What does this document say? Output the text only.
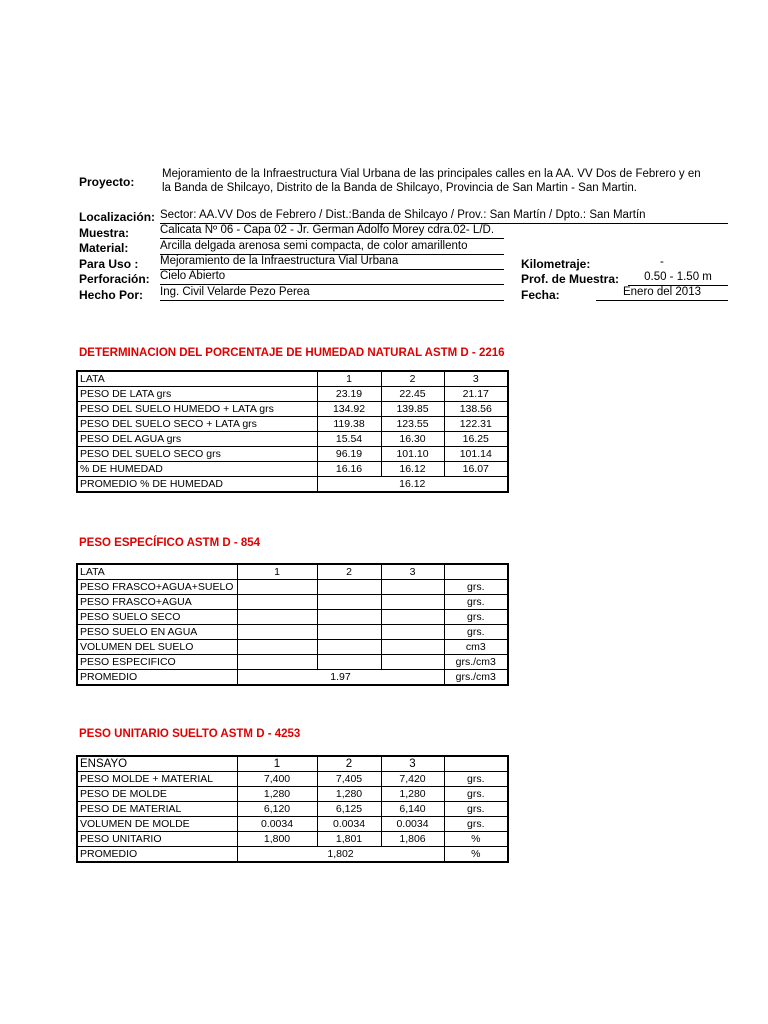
Proyecto:
Mejoramiento de la Infraestructura Vial Urbana de las principales calles en la AA. VV Dos de Febrero y en
la Banda de Shilcayo, Distrito de la Banda de Shilcayo, Provincia de San Martin - San Martin.
Localización: Sector: AA.VV Dos de Febrero / Dist.:Banda de Shilcayo / Prov.: San Martín / Dpto.: San Martín
Muestra:	Calicata Nº 06 - Capa 02 - Jr. German Adolfo Morey cdra.02- L/D.
Material:	Arcilla delgada arenosa semi compacta, de color amarillento
Para Uso : Mejoramiento de la Infraestructura Vial Urbana	Kilometraje:	-
Perforación: Cielo Abierto	Prof. de Muestra:	0.50 - 1.50 m
Hecho Por: Ing. Civil Velarde Pezo Perea	Fecha:	Enero del 2013
DETERMINACION DEL PORCENTAJE DE HUMEDAD NATURAL ASTM D - 2216
LATA	1	2	3
PESO DE LATA grs	23.19	22.45	21.17
PESO DEL SUELO HUMEDO + LATA grs	134.92	139.85	138.56
PESO DEL SUELO SECO + LATA grs	119.38	123.55	122.31
PESO DEL AGUA grs	15.54	16.30	16.25
PESO DEL SUELO SECO grs	96.19	101.10	101.14
% DE HUMEDAD	16.16	16.12	16.07
PROMEDIO % DE HUMEDAD	16.12		
PESO ESPECÍFICO ASTM D - 854
LATA	1	2	3	
PESO FRASCO+AGUA+SUELO				grs.
PESO FRASCO+AGUA				grs.
PESO SUELO SECO				grs.
PESO SUELO EN AGUA				grs.
VOLUMEN DEL SUELO				cm3
PESO ESPECIFICO				grs./cm3
PROMEDIO	1.97			grs./cm3
PESO UNITARIO SUELTO ASTM D - 4253
ENSAYO	1	2	3	
PESO MOLDE + MATERIAL	7,400	7,405	7,420	grs.
PESO DE MOLDE	1,280	1,280	1,280	grs.
PESO DE MATERIAL	6,120	6,125	6,140	grs.
VOLUMEN DE MOLDE	0.0034	0.0034	0.0034	grs.
PESO UNITARIO	1,800	1,801	1,806	%
PROMEDIO	1,802			%
